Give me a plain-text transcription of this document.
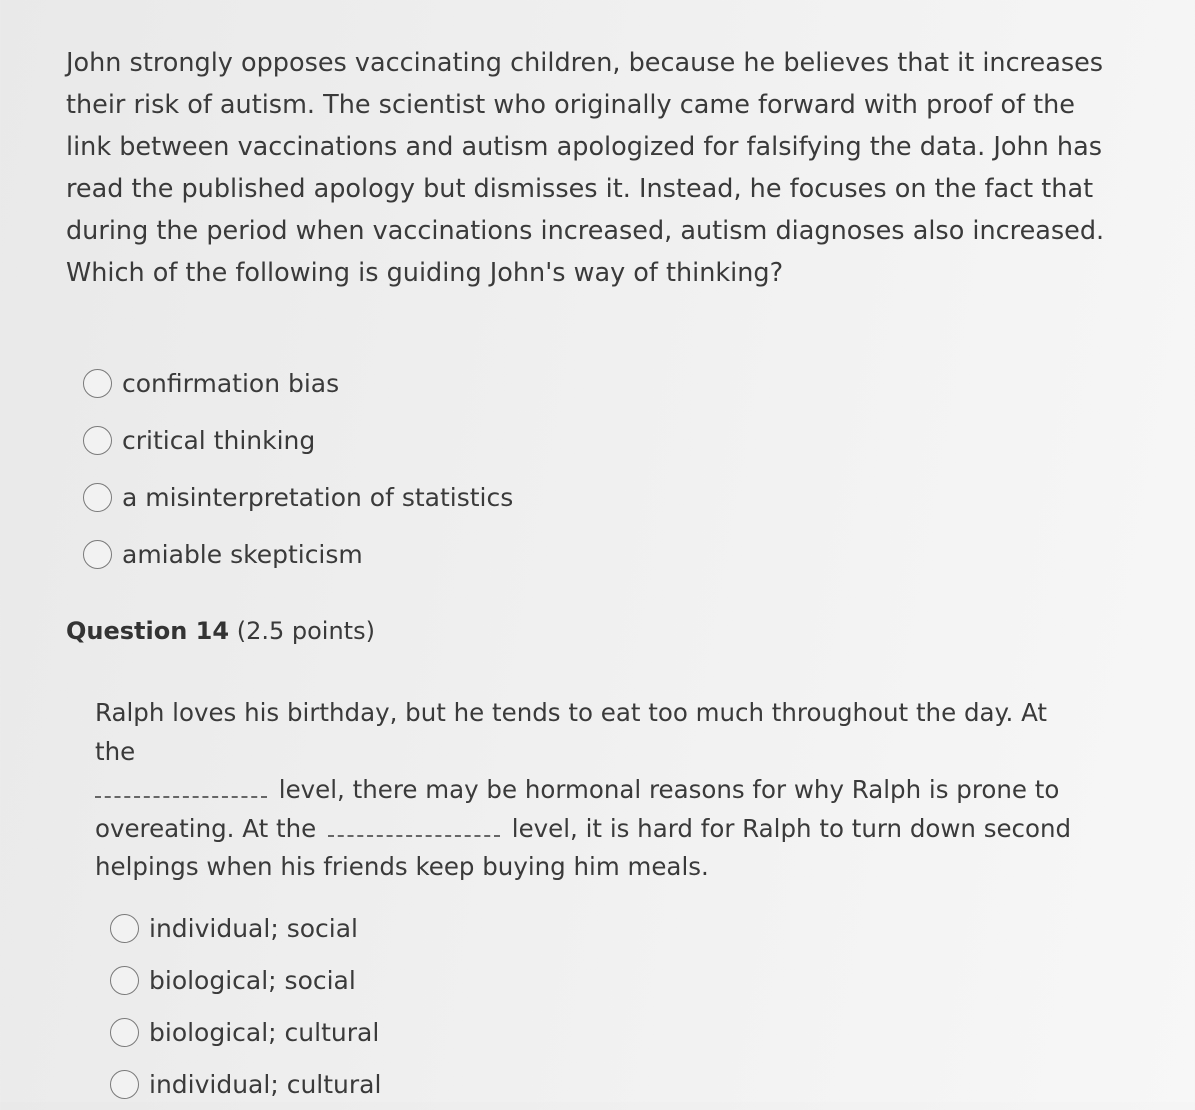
John strongly opposes vaccinating children, because he believes that it increases their risk of autism. The scientist who originally came forward with proof of the link between vaccinations and autism apologized for falsifying the data. John has read the published apology but dismisses it. Instead, he focuses on the fact that during the period when vaccinations increased, autism diagnoses also increased. Which of the following is guiding John's way of thinking?

confirmation bias
critical thinking
a misinterpretation of statistics
amiable skepticism
Question 14 (2.5 points)

Ralph loves his birthday, but he tends to eat too much throughout the day. At the
level, there may be hormonal reasons for why Ralph is prone to overeating. At the	level, it is hard for Ralph to turn down second helpings when his friends keep buying him meals.

individual; social
biological; social
biological; cultural
individual; cultural
